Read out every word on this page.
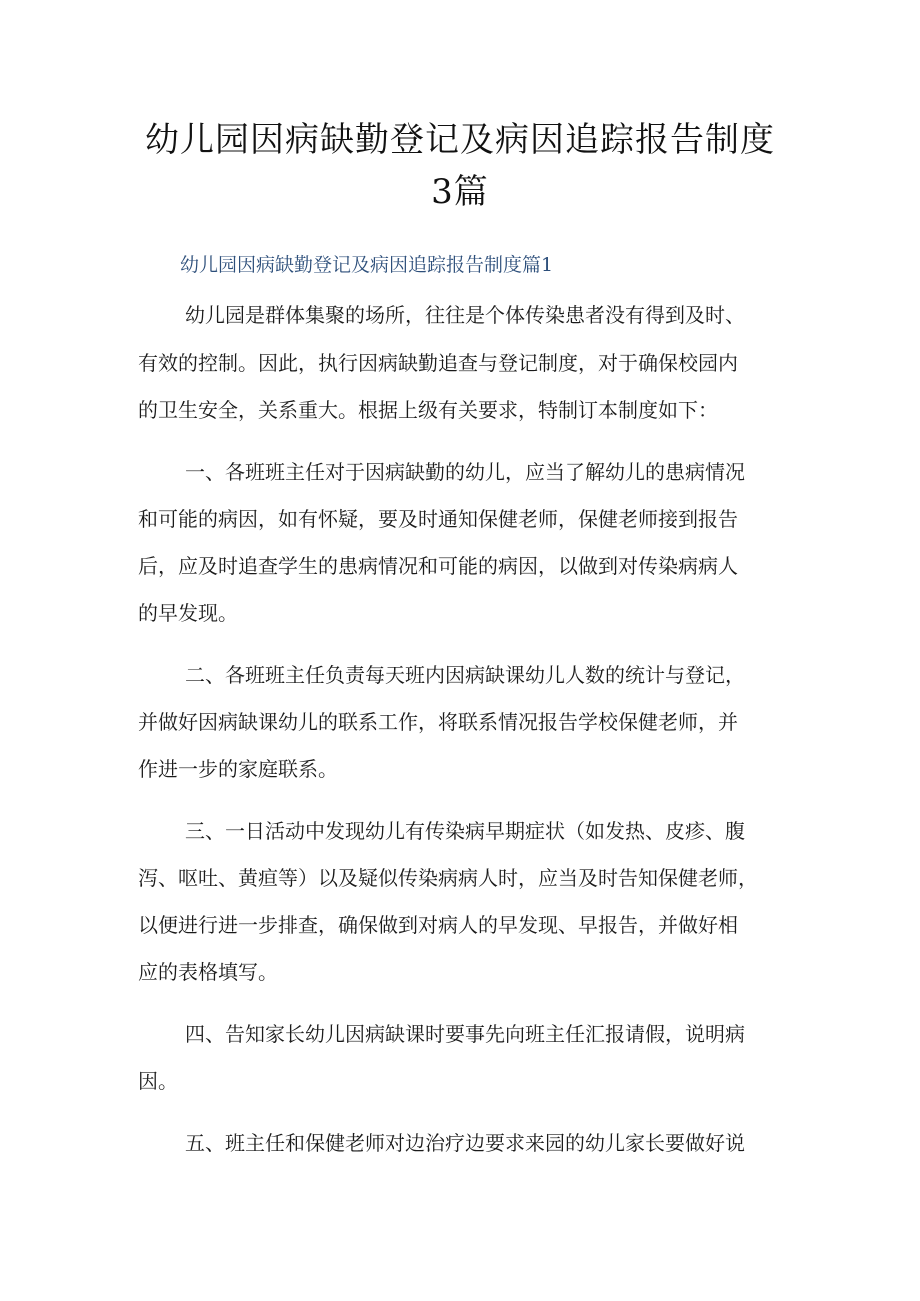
幼儿园因病缺勤登记及病因追踪报告制度
3篇
幼儿园因病缺勤登记及病因追踪报告制度篇1
幼儿园是群体集聚的场所，往往是个体传染患者没有得到及时、
有效的控制。因此，执行因病缺勤追查与登记制度，对于确保校园内
的卫生安全，关系重大。根据上级有关要求，特制订本制度如下：
一、各班班主任对于因病缺勤的幼儿，应当了解幼儿的患病情况
和可能的病因，如有怀疑，要及时通知保健老师，保健老师接到报告
后，应及时追查学生的患病情况和可能的病因，以做到对传染病病人
的早发现。
二、各班班主任负责每天班内因病缺课幼儿人数的统计与登记，
并做好因病缺课幼儿的联系工作，将联系情况报告学校保健老师，并
作进一步的家庭联系。
三、一日活动中发现幼儿有传染病早期症状（如发热、皮疹、腹
泻、呕吐、黄疸等）以及疑似传染病病人时，应当及时告知保健老师，
以便进行进一步排查，确保做到对病人的早发现、早报告，并做好相
应的表格填写。
四、告知家长幼儿因病缺课时要事先向班主任汇报请假，说明病
因。
五、班主任和保健老师对边治疗边要求来园的幼儿家长要做好说
